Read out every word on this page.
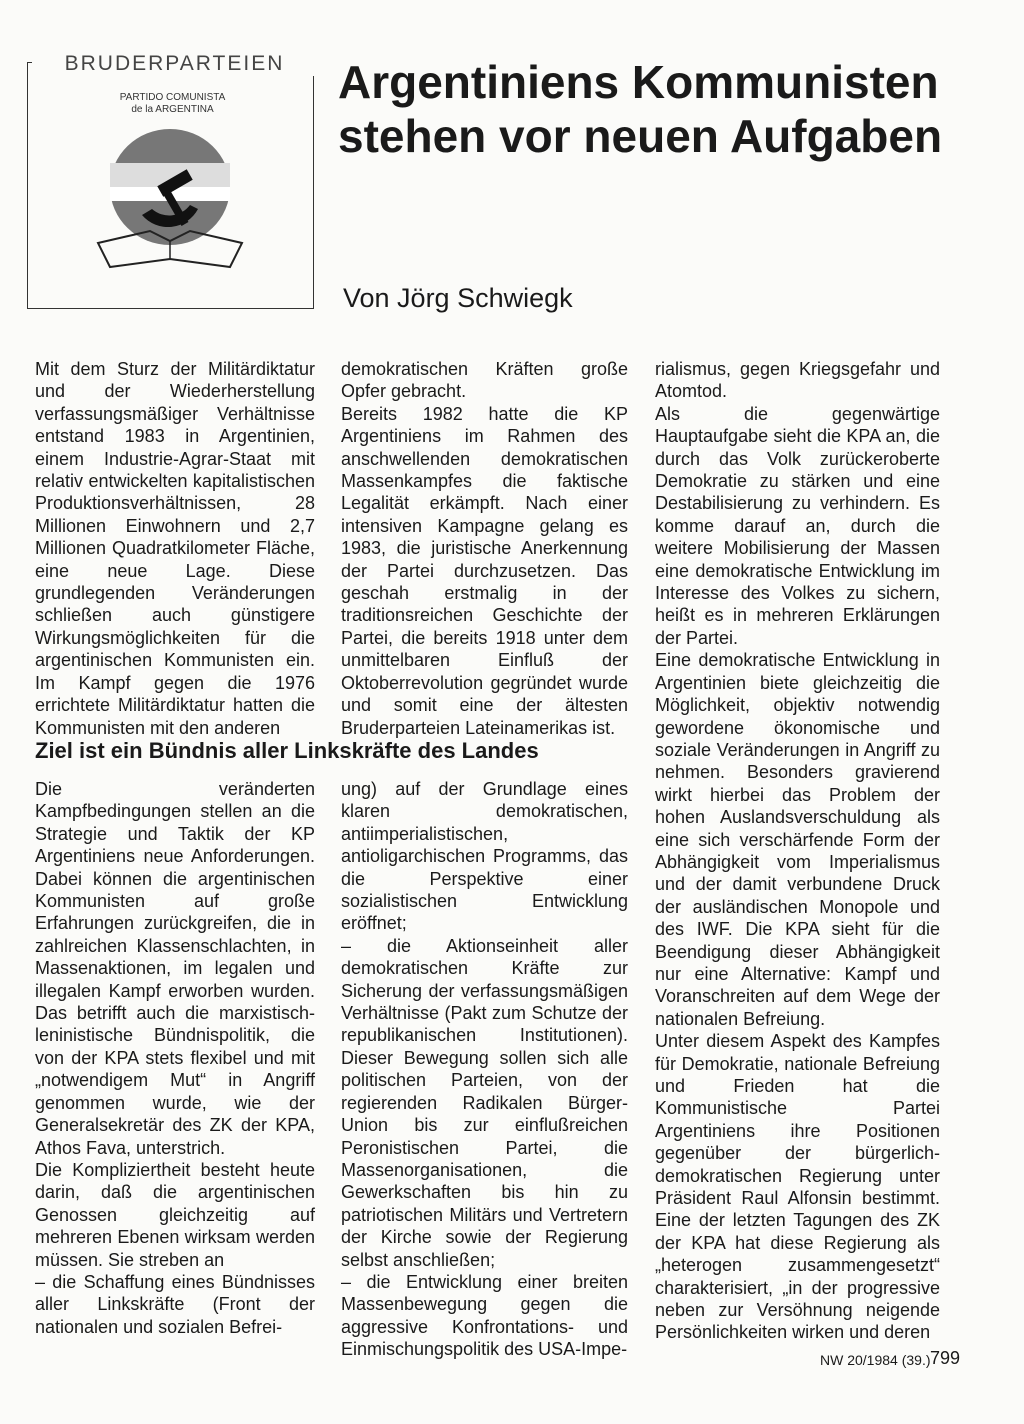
BRUDERPARTEIEN
PARTIDO COMUNISTA
de la ARGENTINA
Argentiniens Kommunisten stehen vor neuen Aufgaben
Von Jörg Schwiegk

Mit dem Sturz der Militärdiktatur und der Wiederherstellung verfassungsmäßiger Verhältnisse entstand 1983 in Argentinien, einem Industrie-Agrar-Staat mit relativ entwickelten kapitalistischen Produktionsverhältnissen, 28 Millionen Einwohnern und 2,7 Millionen Quadratkilometer Fläche, eine neue Lage. Diese grundlegenden Veränderungen schließen auch günstigere Wirkungsmöglichkeiten für die argentinischen Kommunisten ein. Im Kampf gegen die 1976 errichtete Militärdiktatur hatten die Kommunisten mit den anderen

demokratischen Kräften große Opfer gebracht.

Bereits 1982 hatte die KP Argentiniens im Rahmen des anschwellenden demokratischen Massenkampfes die faktische Legalität erkämpft. Nach einer intensiven Kampagne gelang es 1983, die juristische Anerkennung der Partei durchzusetzen. Das geschah erstmalig in der traditionsreichen Geschichte der Partei, die bereits 1918 unter dem unmittelbaren Einfluß der Oktoberrevolution gegründet wurde und somit eine der ältesten Bruderparteien Lateinamerikas ist.

Ziel ist ein Bündnis aller Linkskräfte des Landes

Die veränderten Kampfbedingungen stellen an die Strategie und Taktik der KP Argentiniens neue Anforderungen. Dabei können die argentinischen Kommunisten auf große Erfahrungen zurückgreifen, die in zahlreichen Klassenschlachten, in Massenaktionen, im legalen und illegalen Kampf erworben wurden. Das betrifft auch die marxistisch-leninistische Bündnispolitik, die von der KPA stets flexibel und mit „notwendigem Mut“ in Angriff genommen wurde, wie der Generalsekretär des ZK der KPA, Athos Fava, unterstrich.

Die Kompliziertheit besteht heute darin, daß die argentinischen Genossen gleichzeitig auf mehreren Ebenen wirksam werden müssen. Sie streben an

– die Schaffung eines Bündnisses aller Linkskräfte (Front der nationalen und sozialen Befrei-

ung) auf der Grundlage eines klaren demokratischen, antiimperialistischen, antioligarchischen Programms, das die Perspektive einer sozialistischen Entwicklung eröffnet;

– die Aktionseinheit aller demokratischen Kräfte zur Sicherung der verfassungsmäßigen Verhältnisse (Pakt zum Schutze der republikanischen Institutionen). Dieser Bewegung sollen sich alle politischen Parteien, von der regierenden Radikalen Bürger-Union bis zur einflußreichen Peronistischen Partei, die Massenorganisationen, die Gewerkschaften bis hin zu patriotischen Militärs und Vertretern der Kirche sowie der Regierung selbst anschließen;

– die Entwicklung einer breiten Massenbewegung gegen die aggressive Konfrontations- und Einmischungspolitik des USA-Impe-

rialismus, gegen Kriegsgefahr und Atomtod.

Als die gegenwärtige Hauptaufgabe sieht die KPA an, die durch das Volk zurückeroberte Demokratie zu stärken und eine Destabilisierung zu verhindern. Es komme darauf an, durch die weitere Mobilisierung der Massen eine demokratische Entwicklung im Interesse des Volkes zu sichern, heißt es in mehreren Erklärungen der Partei.

Eine demokratische Entwicklung in Argentinien biete gleichzeitig die Möglichkeit, objektiv notwendig gewordene ökonomische und soziale Veränderungen in Angriff zu nehmen. Besonders gravierend wirkt hierbei das Problem der hohen Auslandsverschuldung als eine sich verschärfende Form der Abhängigkeit vom Imperialismus und der damit verbundene Druck der ausländischen Monopole und des IWF. Die KPA sieht für die Beendigung dieser Abhängigkeit nur eine Alternative: Kampf und Voranschreiten auf dem Wege der nationalen Befreiung.

Unter diesem Aspekt des Kampfes für Demokratie, nationale Befreiung und Frieden hat die Kommunistische Partei Argentiniens ihre Positionen gegenüber der bürgerlich-demokratischen Regierung unter Präsident Raul Alfonsin bestimmt. Eine der letzten Tagungen des ZK der KPA hat diese Regierung als „heterogen zusammengesetzt“ charakterisiert, „in der progressive neben zur Versöhnung neigende Persönlichkeiten wirken und deren

NW 20/1984 (39.) 799
